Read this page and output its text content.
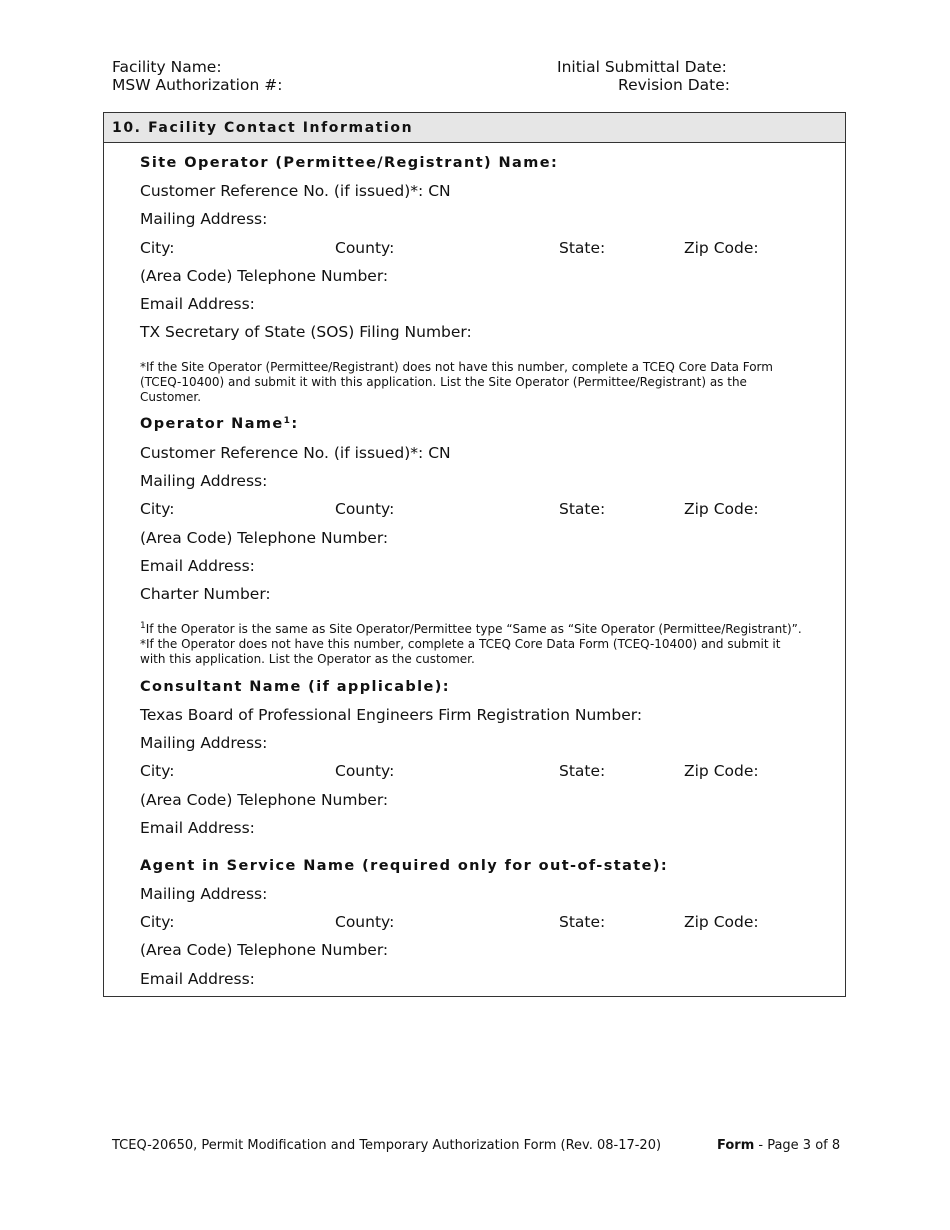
Facility Name:
MSW Authorization #:
Initial Submittal Date:
Revision Date:
10. Facility Contact Information
Site Operator (Permittee/Registrant) Name:
Customer Reference No. (if issued)*: CN
Mailing Address:
City:	County:	State:	Zip Code:
(Area Code) Telephone Number:
Email Address:
TX Secretary of State (SOS) Filing Number:
*If the Site Operator (Permittee/Registrant) does not have this number, complete a TCEQ Core Data Form
(TCEQ-10400) and submit it with this application. List the Site Operator (Permittee/Registrant) as the
Customer.
Operator Name$^1$:
Customer Reference No. (if issued)*: CN
Mailing Address:
City:	County:	State:	Zip Code:
(Area Code) Telephone Number:
Email Address:
Charter Number:
$^1$If the Operator is the same as Site Operator/Permittee type “Same as “Site Operator (Permittee/Registrant)”.
*If the Operator does not have this number, complete a TCEQ Core Data Form (TCEQ-10400) and submit it
with this application. List the Operator as the customer.
Consultant Name (if applicable):
Texas Board of Professional Engineers Firm Registration Number:
Mailing Address:
City:	County:	State:	Zip Code:
(Area Code) Telephone Number:
Email Address:
Agent in Service Name (required only for out-of-state):
Mailing Address:
City:	County:	State:	Zip Code:
(Area Code) Telephone Number:
Email Address:
TCEQ-20650, Permit Modification and Temporary Authorization Form (Rev. 08-17-20)	Form - Page 3 of 8
